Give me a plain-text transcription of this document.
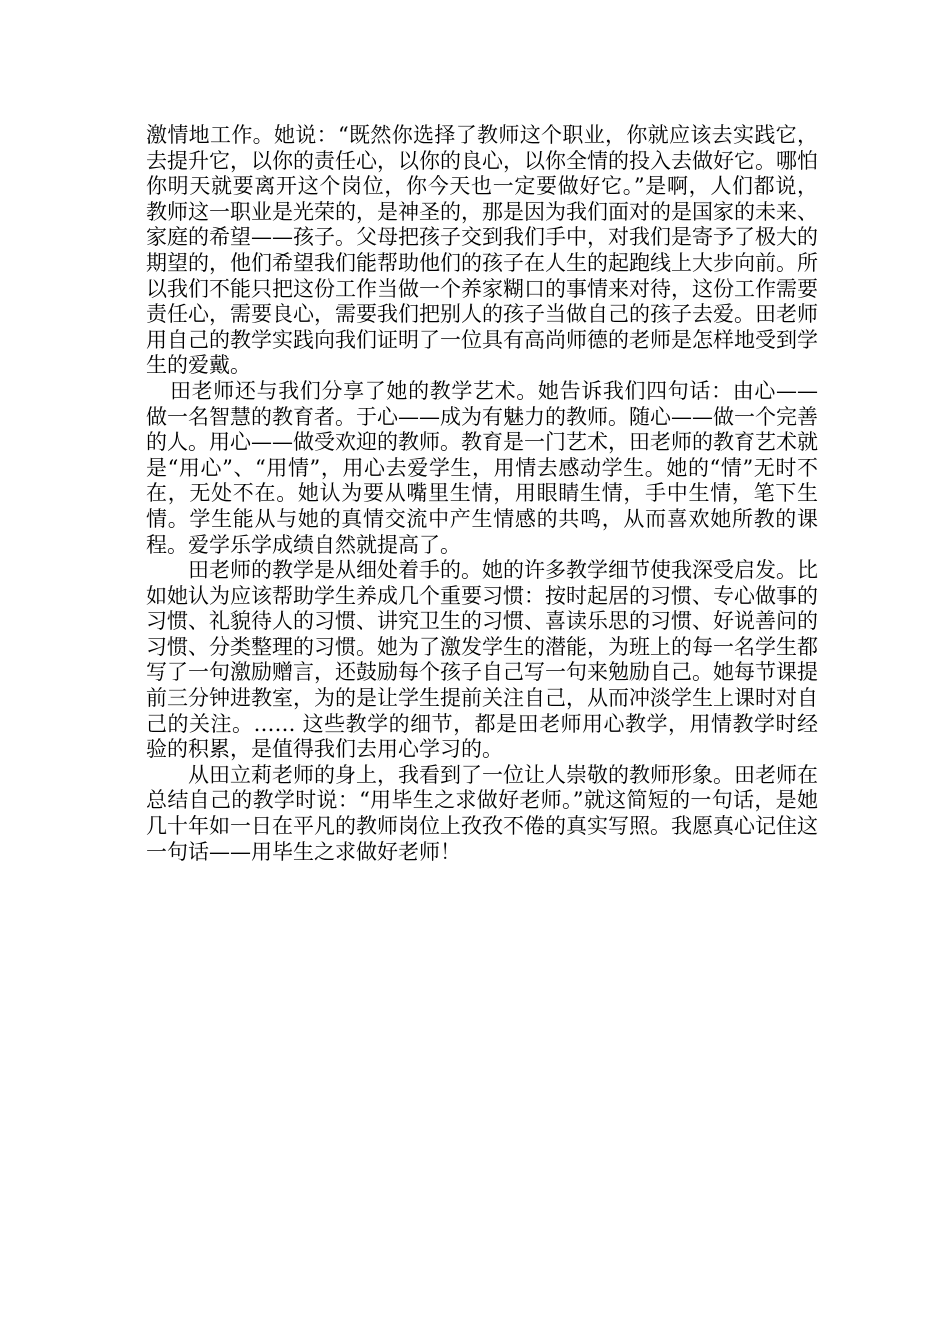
激情地工作。她说：“既然你选择了教师这个职业，你就应该去实践它，去提升它，以你的责任心，以你的良心，以你全情的投入去做好它。哪怕你明天就要离开这个岗位，你今天也一定要做好它。”是啊，人们都说，教师这一职业是光荣的，是神圣的，那是因为我们面对的是国家的未来、家庭的希望——孩子。父母把孩子交到我们手中，对我们是寄予了极大的期望的，他们希望我们能帮助他们的孩子在人生的起跑线上大步向前。所以我们不能只把这份工作当做一个养家糊口的事情来对待，这份工作需要责任心，需要良心，需要我们把别人的孩子当做自己的孩子去爱。田老师用自己的教学实践向我们证明了一位具有高尚师德的老师是怎样地受到学生的爱戴。

田老师还与我们分享了她的教学艺术。她告诉我们四句话：由心——做一名智慧的教育者。于心——成为有魅力的教师。随心——做一个完善的人。用心——做受欢迎的教师。教育是一门艺术，田老师的教育艺术就是“用心”、“用情”，用心去爱学生，用情去感动学生。她的“情”无时不在，无处不在。她认为要从嘴里生情，用眼睛生情，手中生情，笔下生情。学生能从与她的真情交流中产生情感的共鸣，从而喜欢她所教的课程。爱学乐学成绩自然就提高了。

田老师的教学是从细处着手的。她的许多教学细节使我深受启发。比如她认为应该帮助学生养成几个重要习惯：按时起居的习惯、专心做事的习惯、礼貌待人的习惯、讲究卫生的习惯、喜读乐思的习惯、好说善问的习惯、分类整理的习惯。她为了激发学生的潜能，为班上的每一名学生都写了一句激励赠言，还鼓励每个孩子自己写一句来勉励自己。她每节课提前三分钟进教室，为的是让学生提前关注自己，从而冲淡学生上课时对自己的关注。…… 这些教学的细节，都是田老师用心教学，用情教学时经验的积累，是值得我们去用心学习的。

从田立莉老师的身上，我看到了一位让人崇敬的教师形象。田老师在总结自己的教学时说：“用毕生之求做好老师。”就这简短的一句话，是她几十年如一日在平凡的教师岗位上孜孜不倦的真实写照。我愿真心记住这一句话——用毕生之求做好老师！
